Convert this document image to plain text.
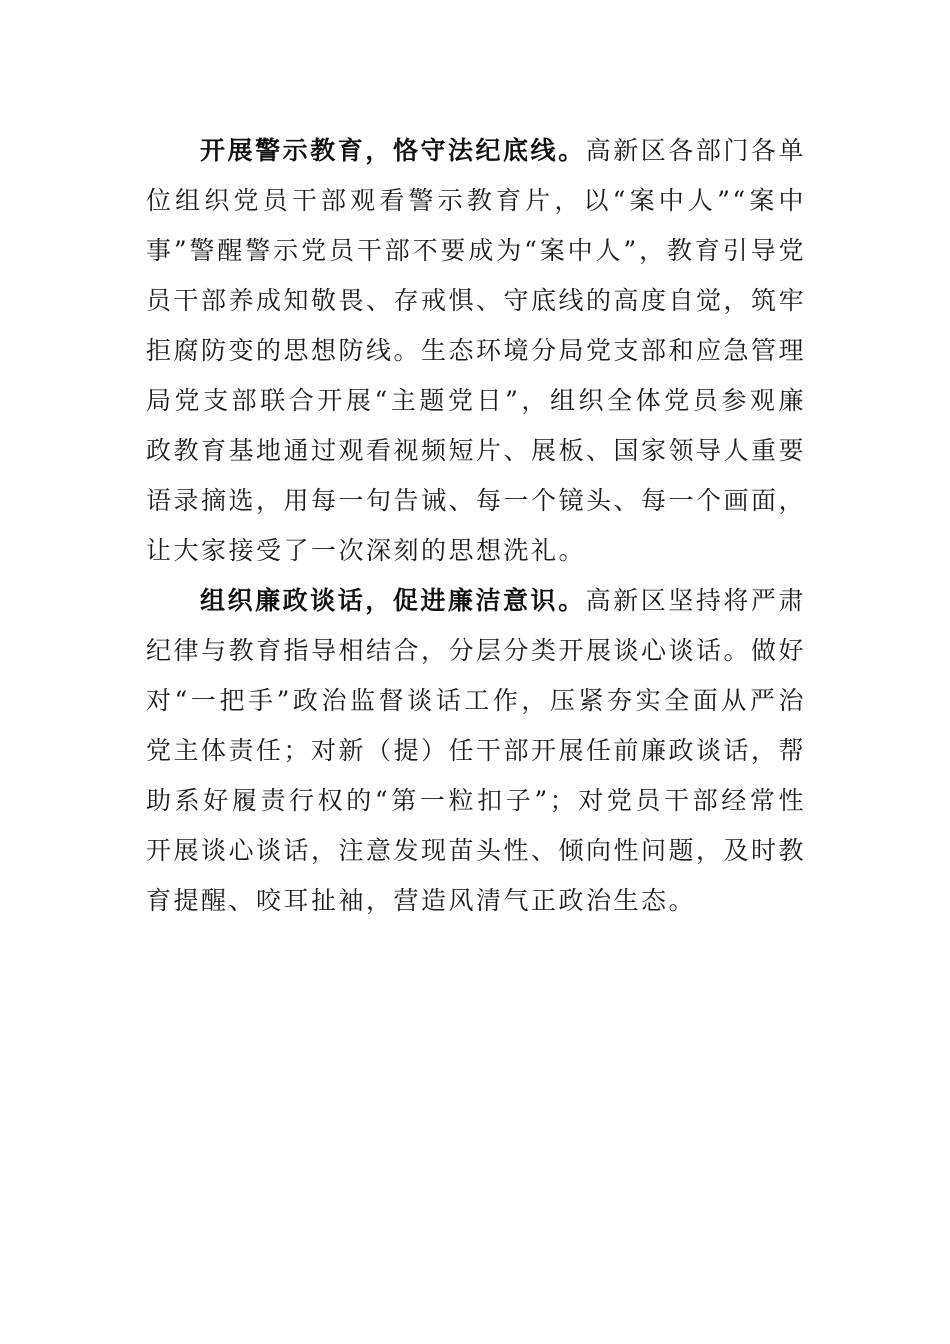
开展警示教育，恪守法纪底线。高新区各部门各单位组织党员干部观看警示教育片，以“案中人”“案中事”警醒警示党员干部不要成为“案中人”，教育引导党员干部养成知敬畏、存戒惧、守底线的高度自觉，筑牢拒腐防变的思想防线。生态环境分局党支部和应急管理局党支部联合开展“主题党日”，组织全体党员参观廉政教育基地通过观看视频短片、展板、国家领导人重要语录摘选，用每一句告诫、每一个镜头、每一个画面，让大家接受了一次深刻的思想洗礼。

组织廉政谈话，促进廉洁意识。高新区坚持将严肃纪律与教育指导相结合，分层分类开展谈心谈话。做好对“一把手”政治监督谈话工作，压紧夯实全面从严治党主体责任；对新（提）任干部开展任前廉政谈话，帮助系好履责行权的“第一粒扣子”；对党员干部经常性开展谈心谈话，注意发现苗头性、倾向性问题，及时教育提醒、咬耳扯袖，营造风清气正政治生态。
